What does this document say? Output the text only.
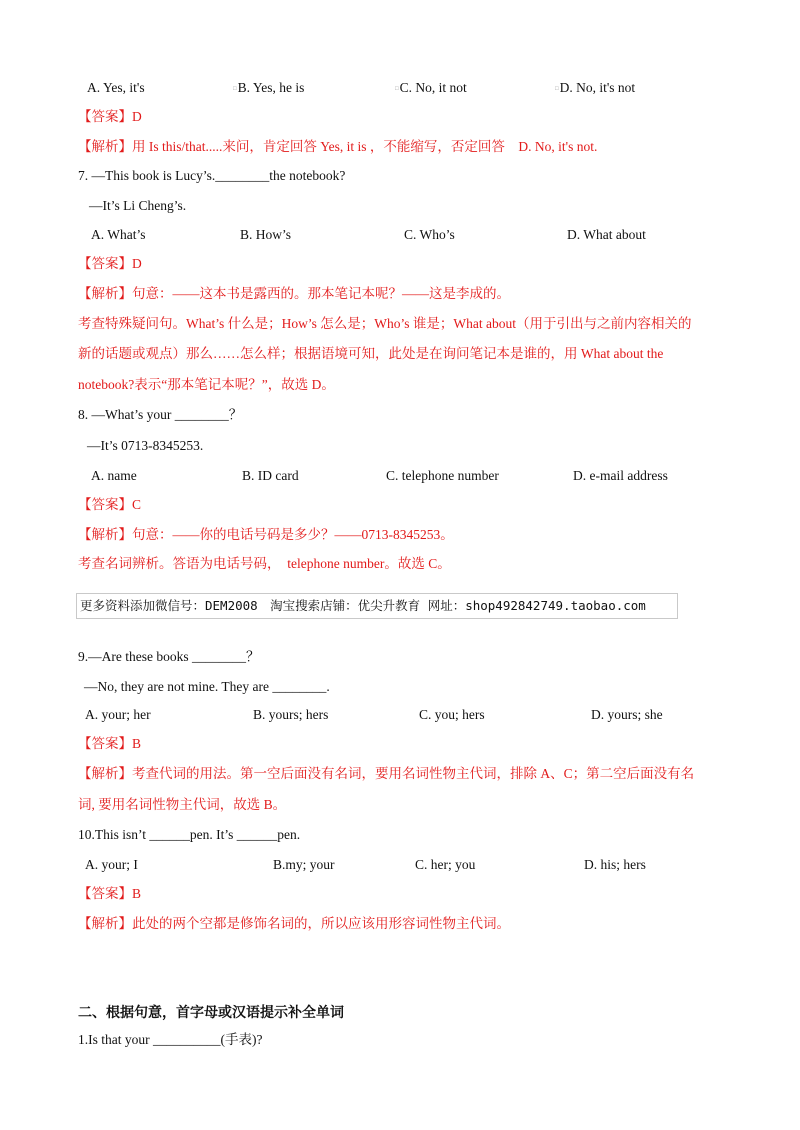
A. Yes, it's	□B. Yes, he is	□C. No, it not	□D. No, it's not
【答案】D
【解析】用 Is this/that.....来问，肯定回答 Yes, it is ，不能缩写，否定回答　D. No, it's not.
7. —This book is Lucy’s.________the notebook?
—It’s Li Cheng’s.
A. What’s	B. How’s	C. Who’s	D. What about
【答案】D
【解析】句意：——这本书是露西的。那本笔记本呢？——这是李成的。
考查特殊疑问句。What’s 什么是；How’s 怎么是；Who’s 谁是；What about（用于引出与之前内容相关的
新的话题或观点）那么……怎么样；根据语境可知，此处是在询问笔记本是谁的，用 What about the
notebook?表示“那本笔记本呢？”，故选 D。
8. —What’s your ________？
—It’s 0713-8345253.
A. name	B. ID card	C. telephone number	D. e-mail address
【答案】C
【解析】句意：——你的电话号码是多少？——0713-8345253。
考查名词辨析。答语为电话号码，　telephone number。故选 C。
更多资料添加微信号：DEM2008　淘宝搜索店铺：优尖升教育 网址：shop492842749.taobao.com
9.—Are these books ________？
—No, they are not mine. They are ________.
A. your; her	B. yours; hers	C. you; hers	D. yours; she
【答案】B
【解析】考查代词的用法。第一空后面没有名词，要用名词性物主代词，排除 A、C；第二空后面没有名
词, 要用名词性物主代词，故选 B。
10.This isn’t ______pen. It’s ______pen.
A. your; I	B.my; your	C. her; you	D. his; hers
【答案】B
【解析】此处的两个空都是修饰名词的，所以应该用形容词性物主代词。
二、根据句意，首字母或汉语提示补全单词
1.Is that your __________(手表)?
